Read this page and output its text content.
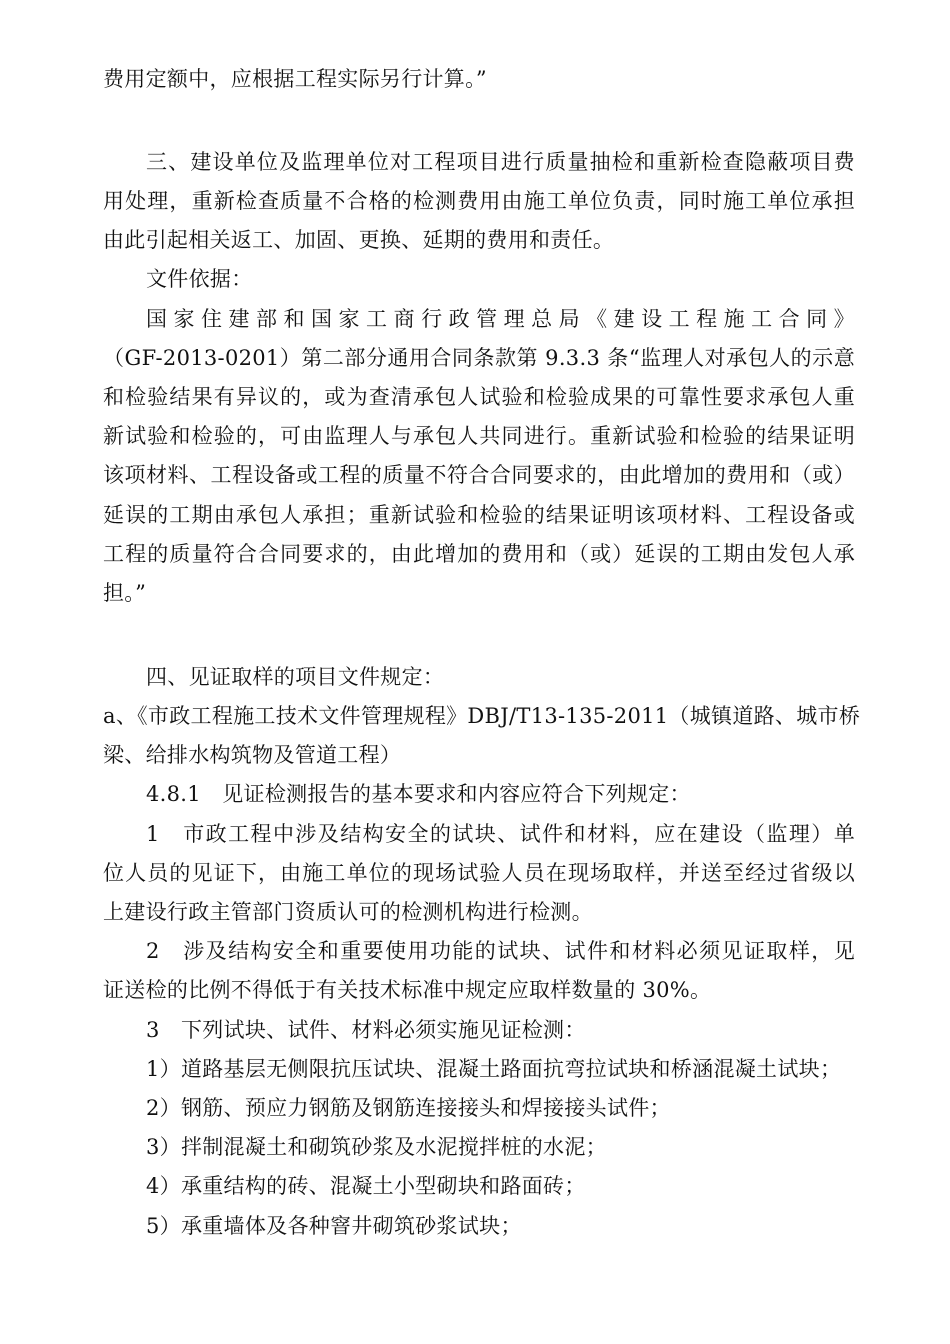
费用定额中，应根据工程实际另行计算。”
三、建设单位及监理单位对工程项目进行质量抽检和重新检查隐蔽项目费
用处理，重新检查质量不合格的检测费用由施工单位负责，同时施工单位承担
由此引起相关返工、加固、更换、延期的费用和责任。
文件依据：
国家住建部和国家工商行政管理总局《建设工程施工合同》
（GF-2013-0201）第二部分通用合同条款第 9.3.3 条“监理人对承包人的示意
和检验结果有异议的，或为查清承包人试验和检验成果的可靠性要求承包人重
新试验和检验的，可由监理人与承包人共同进行。重新试验和检验的结果证明
该项材料、工程设备或工程的质量不符合合同要求的，由此增加的费用和（或）
延误的工期由承包人承担；重新试验和检验的结果证明该项材料、工程设备或
工程的质量符合合同要求的，由此增加的费用和（或）延误的工期由发包人承
担。”
四、见证取样的项目文件规定：
a、《市政工程施工技术文件管理规程》DBJ/T13-135-2011（城镇道路、城市桥
梁、给排水构筑物及管道工程）
4.8.1　见证检测报告的基本要求和内容应符合下列规定：
1　市政工程中涉及结构安全的试块、试件和材料，应在建设（监理）单
位人员的见证下，由施工单位的现场试验人员在现场取样，并送至经过省级以
上建设行政主管部门资质认可的检测机构进行检测。
2　涉及结构安全和重要使用功能的试块、试件和材料必须见证取样，见
证送检的比例不得低于有关技术标准中规定应取样数量的 30%。
3　下列试块、试件、材料必须实施见证检测：
1）道路基层无侧限抗压试块、混凝土路面抗弯拉试块和桥涵混凝土试块；
2）钢筋、预应力钢筋及钢筋连接接头和焊接接头试件；
3）拌制混凝土和砌筑砂浆及水泥搅拌桩的水泥；
4）承重结构的砖、混凝土小型砌块和路面砖；
5）承重墙体及各种窨井砌筑砂浆试块；
